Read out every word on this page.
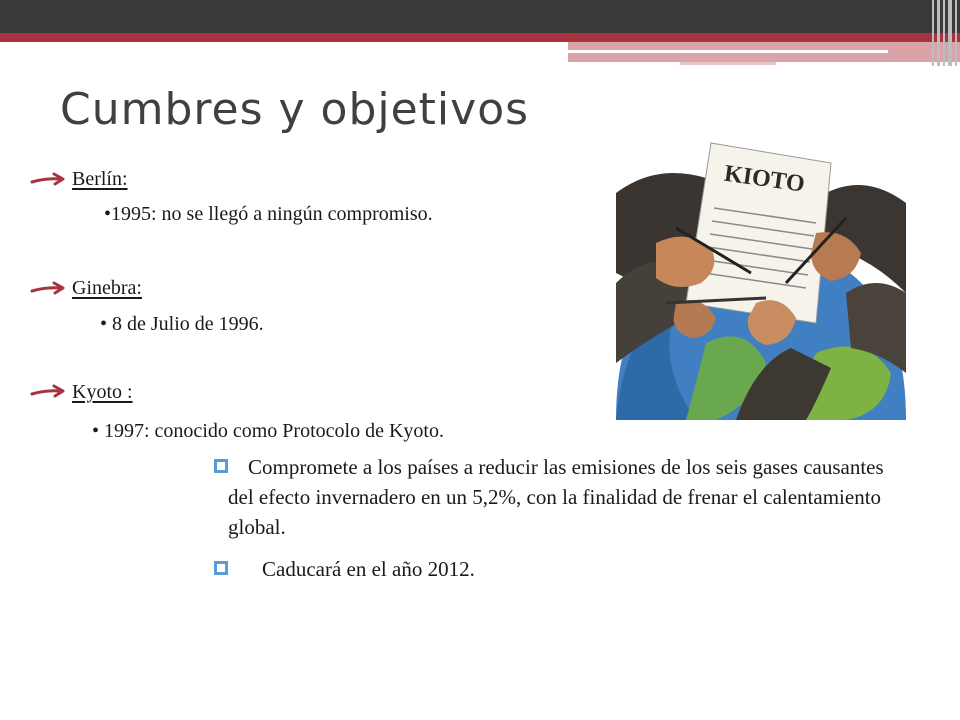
Cumbres y objetivos
Berlín:
•1995: no se llegó a ningún compromiso.
Ginebra:
• 8 de Julio de 1996.
Kyoto :
• 1997: conocido como Protocolo de Kyoto.
Compromete a los países a reducir las emisiones de los seis gases causantes del efecto invernadero en un 5,2%, con la finalidad de frenar el calentamiento global.
Caducará en el año 2012.
KIOTO
